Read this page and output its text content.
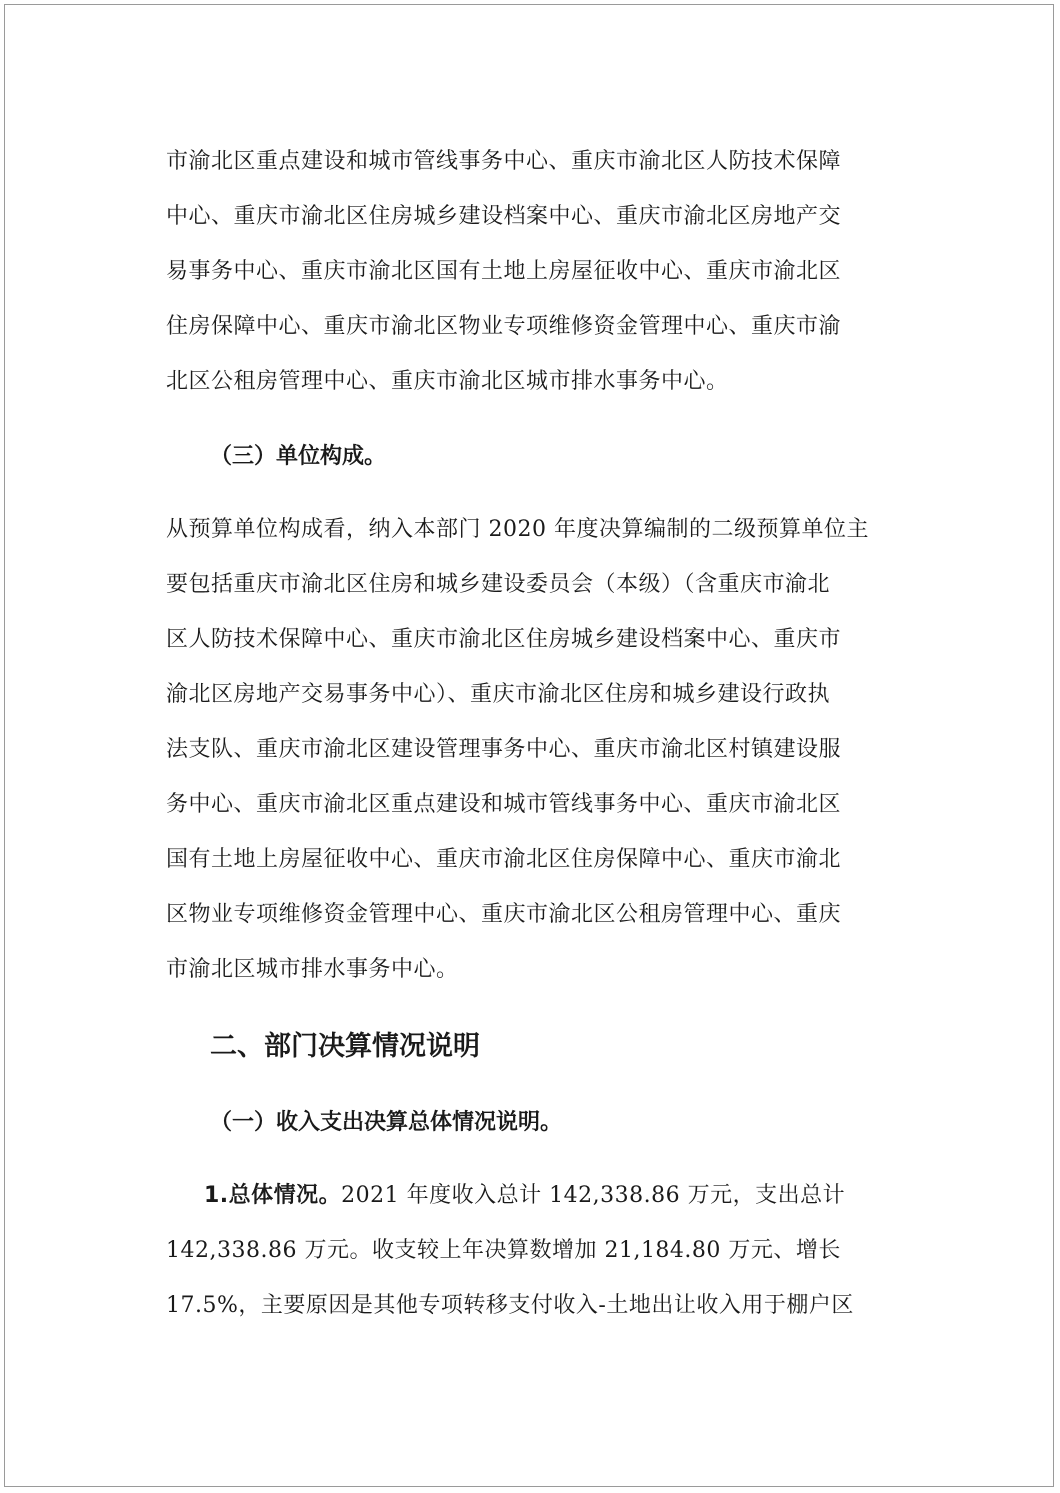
市渝北区重点建设和城市管线事务中心、重庆市渝北区人防技术保障
中心、重庆市渝北区住房城乡建设档案中心、重庆市渝北区房地产交
易事务中心、重庆市渝北区国有土地上房屋征收中心、重庆市渝北区
住房保障中心、重庆市渝北区物业专项维修资金管理中心、重庆市渝
北区公租房管理中心、重庆市渝北区城市排水事务中心。
（三）单位构成。
从预算单位构成看，纳入本部门 2020 年度决算编制的二级预算单位主
要包括重庆市渝北区住房和城乡建设委员会（本级）（含重庆市渝北
区人防技术保障中心、重庆市渝北区住房城乡建设档案中心、重庆市
渝北区房地产交易事务中心）、重庆市渝北区住房和城乡建设行政执
法支队、重庆市渝北区建设管理事务中心、重庆市渝北区村镇建设服
务中心、重庆市渝北区重点建设和城市管线事务中心、重庆市渝北区
国有土地上房屋征收中心、重庆市渝北区住房保障中心、重庆市渝北
区物业专项维修资金管理中心、重庆市渝北区公租房管理中心、重庆
市渝北区城市排水事务中心。
二、部门决算情况说明
（一）收入支出决算总体情况说明。
1.总体情况。2021 年度收入总计 142,338.86 万元，支出总计
142,338.86 万元。收支较上年决算数增加 21,184.80 万元、增长
17.5%，主要原因是其他专项转移支付收入-土地出让收入用于棚户区
